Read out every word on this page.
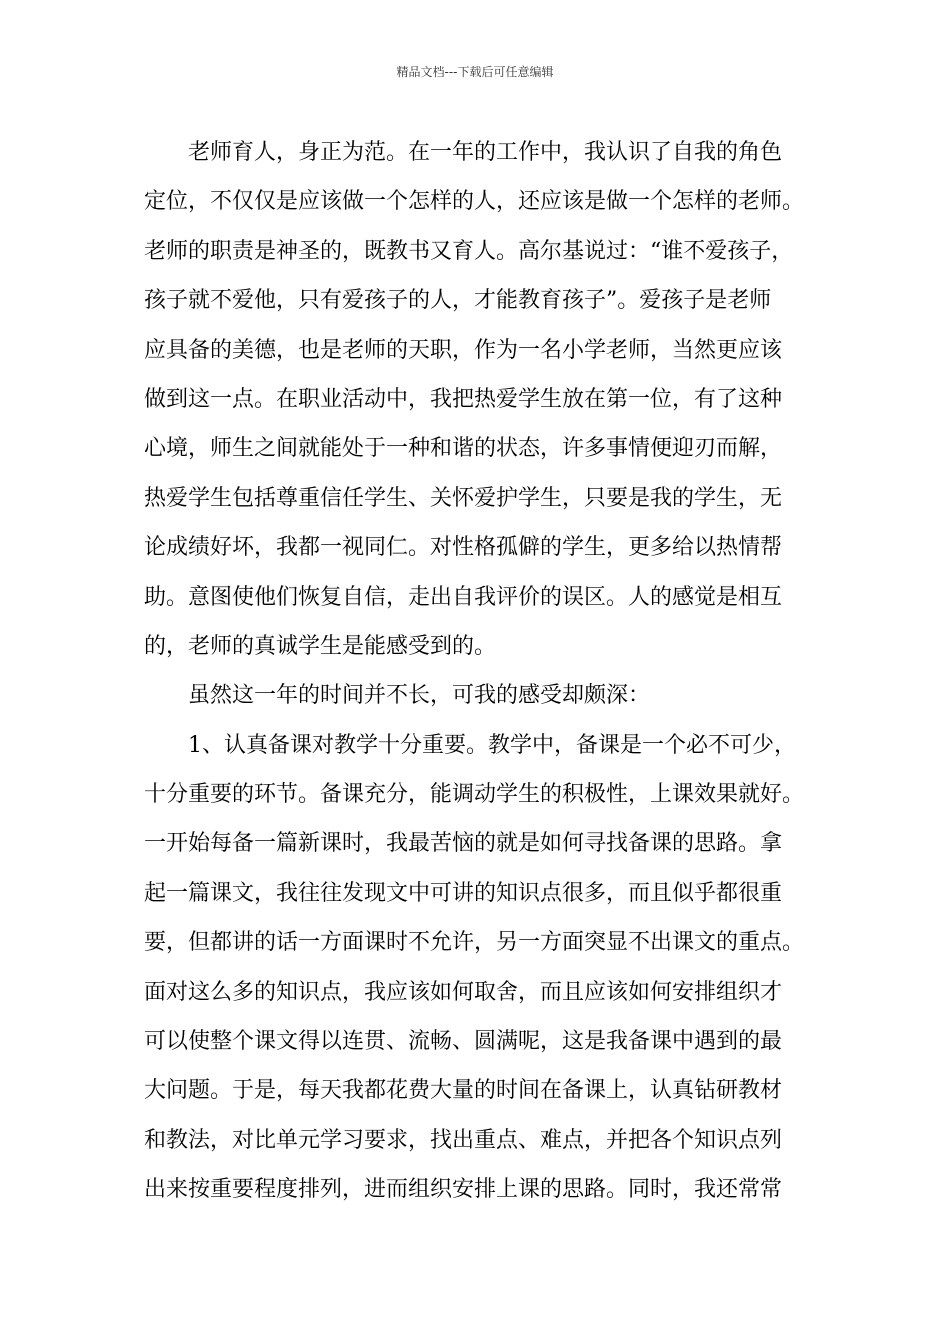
精品文档---下载后可任意编辑
　　老师育人，身正为范。在一年的工作中，我认识了自我的角色
定位，不仅仅是应该做一个怎样的人，还应该是做一个怎样的老师。
老师的职责是神圣的，既教书又育人。高尔基说过：“谁不爱孩子，
孩子就不爱他，只有爱孩子的人，才能教育孩子”。爱孩子是老师
应具备的美德，也是老师的天职，作为一名小学老师，当然更应该
做到这一点。在职业活动中，我把热爱学生放在第一位，有了这种
心境，师生之间就能处于一种和谐的状态，许多事情便迎刃而解，
热爱学生包括尊重信任学生、关怀爱护学生，只要是我的学生，无
论成绩好坏，我都一视同仁。对性格孤僻的学生，更多给以热情帮
助。意图使他们恢复自信，走出自我评价的误区。人的感觉是相互
的，老师的真诚学生是能感受到的。
　　虽然这一年的时间并不长，可我的感受却颇深：
　　1、认真备课对教学十分重要。教学中，备课是一个必不可少，
十分重要的环节。备课充分，能调动学生的积极性，上课效果就好。
一开始每备一篇新课时，我最苦恼的就是如何寻找备课的思路。拿
起一篇课文，我往往发现文中可讲的知识点很多，而且似乎都很重
要，但都讲的话一方面课时不允许，另一方面突显不出课文的重点。
面对这么多的知识点，我应该如何取舍，而且应该如何安排组织才
可以使整个课文得以连贯、流畅、圆满呢，这是我备课中遇到的最
大问题。于是，每天我都花费大量的时间在备课上，认真钻研教材
和教法，对比单元学习要求，找出重点、难点，并把各个知识点列
出来按重要程度排列，进而组织安排上课的思路。同时，我还常常
